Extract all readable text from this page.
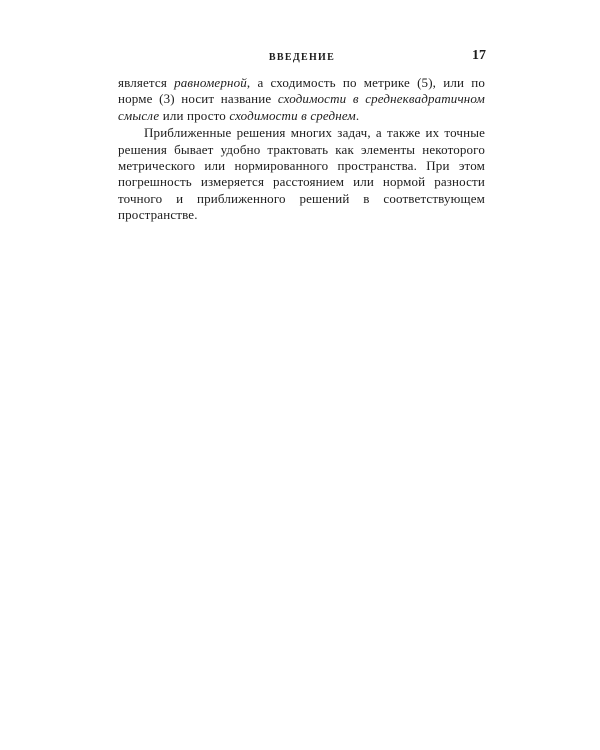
ВВЕДЕНИЕ	17

является равномерной, а сходимость по метрике (5), или по норме (3) носит название сходимости в среднеквадратичном смысле или просто сходимости в среднем.

Приближенные решения многих задач, а также их точные решения бывает удобно трактовать как элементы некоторого метрического или нормированного пространства. При этом погрешность измеряется расстоянием или нормой разности точного и приближенного решений в соответствующем пространстве.
